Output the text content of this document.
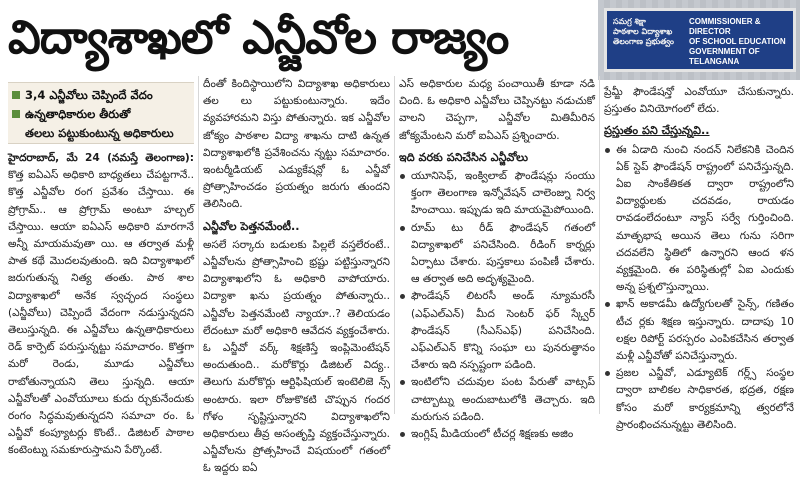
విద్యాశాఖలో ఎన్జీవోల రాజ్యం	సమగ్ర శిక్షా
పాఠశాల విద్యాశాఖ
తెలంగాణ ప్రభుత్వం
COMMISSIONER & DIRECTOR
OF SCHOOL EDUCATION
GOVERNMENT OF TELANGANA
3,4 ఎన్జీవోలు చెప్పిందే వేదం
ఉన్నతాధికారుల తీరుతో
తలలు పట్టుకుంటున్న అధికారులు

హైదరాబాద్, మే 24 (నమస్తే తెలంగాణ): కొత్త ఐఏఎస్ అధికారి బాధ్యతలు చేపట్టగానే.. కొత్త ఎన్జీవోల రంగ ప్రవేశం చేస్తాయి. ఈ ప్రోగ్రామ్.. ఆ ప్రోగ్రామ్ అంటూ హల్చల్ చేస్తాయి. ఆయా ఐఏఎస్ అధికారి మారగానే అన్నీ మాయమవుతా యి. ఆ తర్వాత మళ్లీ పాత కథే మొదలవుతుంది. ఇది విద్యాశాఖలో జరుగుతున్న నిత్య తంతు. పాఠ శాల విద్యాశాఖలో అనేక స్వచ్ఛంద సంస్థలు (ఎన్జీవోలు) చెప్పిందే వేదంగా నడుస్తున్నదని తెలుస్తున్నది. ఈ ఎన్జీవోలు ఉన్నతాధికారులు రెడ్ కార్పెట్ పరుస్తున్నట్టు సమాచారం. కొత్తగా మరో రెండు, మూడు ఎన్జీవోలు రాబోతున్నాయని తెలు స్తున్నది. ఆయా ఎన్జీవోలతో ఎంవోయూలు కుదు ర్చుకునేందుకు రంగం సిద్ధమవుతున్నదని సమాచా రం. ఓ ఎన్జీవో కంప్యూటర్లు కొంటే.. డిజిటల్ పాఠాల కంటెంట్ను సమకూరుస్తామని పేర్కొంటే.

దీంతో కిందిస్థాయిలోని విద్యాశాఖ అధికారులు తల లు పట్టుకుంటున్నారు. ఇదేం వ్యవహారమని విస్తు పోతున్నారు. ఇక ఎన్జీవోల జోక్యం పాఠశాల విద్యా శాఖను దాటి ఉన్నత విద్యాశాఖలోకి ప్రవేశించను న్నట్టు సమాచారం. ఇంటర్మీడియట్ ఎడ్యుకేషన్లో ఓ ఎన్జీవో ప్రోత్సాహించడం ప్రయత్నం జరుగు తుందని తెలిసింది.

ఎన్జీవోల పెత్తనమేంటీ..

అసలే సర్కారు బడులకు పిల్లలే వస్తలేరంటే.. ఎన్జీవోలను ప్రోత్సాహించి భ్రష్టు పట్టిస్తున్నారని విద్యాశాఖలోని ఓ అధికారి వాపోయారు. విద్యాశా ఖను ప్రయత్నం పోతున్నారు.. ఎన్జీవోల పెత్తనమేంటి న్యాయా..? తెలియడం లేదంటూ మరో అధికారి ఆవేదన వ్యక్తంచేశారు. ఓ ఎన్జీవో వర్క్ శిక్షణిస్తే ఇంప్లిమెంటేషన్ అందుతుంది.. మరోకొర్లు డిజిటల్ విద్య.. తెలుగు మరోకొర్లు ఆర్టిఫిషియల్ ఇంటెలిజె న్స్ అంటారు. ఇలా రోజుకొకటి చొప్పున గందర గోళం సృష్టిస్తున్నారని విద్యాశాఖలోని అధికారులు తీవ్ర అసంతృప్తి వ్యక్తంచేస్తున్నారు. ఎన్జీవోలను ప్రోత్సహించే విషయంలో గతంలో ఓ ఇద్దరు ఐఏ

ఎస్ అధికారుల మధ్య పంచాయితీ కూడా నడి చింది. ఓ అధికారి ఎన్జీవోలు చెప్పినట్టు నడుచుకో వాలని చెప్పగా, ఎన్జీవోల మితిమీరిన జోక్యమేంటని మరో ఐఏఎస్ ప్రశ్నించారు.

ఇది వరకు పనిచేసిన ఎన్జీవోలు
యూనిసెఫ్, ఇంక్విలాబ్ ఫౌండేషన్లు సంయు క్తంగా తెలంగాణ ఇన్నోవేషన్ చాలెంజ్ను నిర్వ హించాయి. ఇప్పుడు ఇది మాయమైపోయింది.
రూమ్ టు రీడ్ ఫౌండేషన్ గతంలో విద్యాశాఖలో పనిచేసింది. రీడింగ్ కార్నర్లు ఏర్పాటు చేశారు. పుస్తకాలు పంపిణీ చేశారు. ఆ తర్వాత అది అదృశ్యమైంది.
ఫౌండేషన్ లిటరసీ అండ్ న్యూమరసీ (ఎఫ్ఎల్ఎన్) మీద సెంటర్ ఫర్ స్క్వేర్ ఫౌండేషన్ (సీఎస్ఎఫ్) పనిచేసింది. ఎఫ్ఎల్ఎన్ కొన్ని సంఘా లు పునరుత్థానం చేశారు ఇది నస్పష్టంగా పడింది.
ఇంటిలోని చదువుల పంట పేరుతో వాట్సప్ చాట్బాట్ను అందుబాటులోకి తెచ్చారు. ఇది మరుగున పడింది.
ఇంగ్లిష్ మీడియంలో టీచర్ల శిక్షణకు అజిం

ప్రేమ్జీ ఫౌండేషన్తో ఎంవోయూ చేసుకున్నారు. ప్రస్తుతం వినియోగంలో లేదు.

ప్రస్తుతం పని చేస్తున్నవి..
ఈ ఏడాది నుంచి నందన్ నిలేకనికి చెందిన ఏక్ స్టెప్ ఫౌండేషన్ రాష్ట్రంలో పనిచేస్తున్నది. ఏఐ సాంకేతికత ద్వారా రాష్ట్రంలోని విద్యార్థులకు చదవడం, రాయడం రావడంలేదంటూ న్యాస్ సర్వే గుర్తించింది. మాతృభాష అయిన తెలు గును సరిగా చదవలేని స్థితిలో ఉన్నారని ఆంద ళన వ్యక్తమైంది. ఈ పరిస్థితుల్లో ఏఐ ఎందుకు అన్న ప్రశ్నలొస్తున్నాయి.
ఖాన్ అకాడమీ ఉద్యోగులతో సైన్స్, గణితం టీచ ర్లకు శిక్షణ ఇస్తున్నారు. దాదాపు 10 లక్షల రిపోర్ట్ పరస్పరం ఎంపికచేసిన తర్వాత మళ్లీ ఎన్జీవోతో పనిచేస్తున్నారు.
ప్రజల ఎన్జీవో, ఎడ్యూటెక్ గర్ల్స్ సంస్థల ద్వారా బాలికల సాధికారత, భద్రత, రక్షణ కోసం మరో కార్యక్రమాన్ని త్వరలోనే ప్రారంభించనున్నట్టు తెలిసింది.
